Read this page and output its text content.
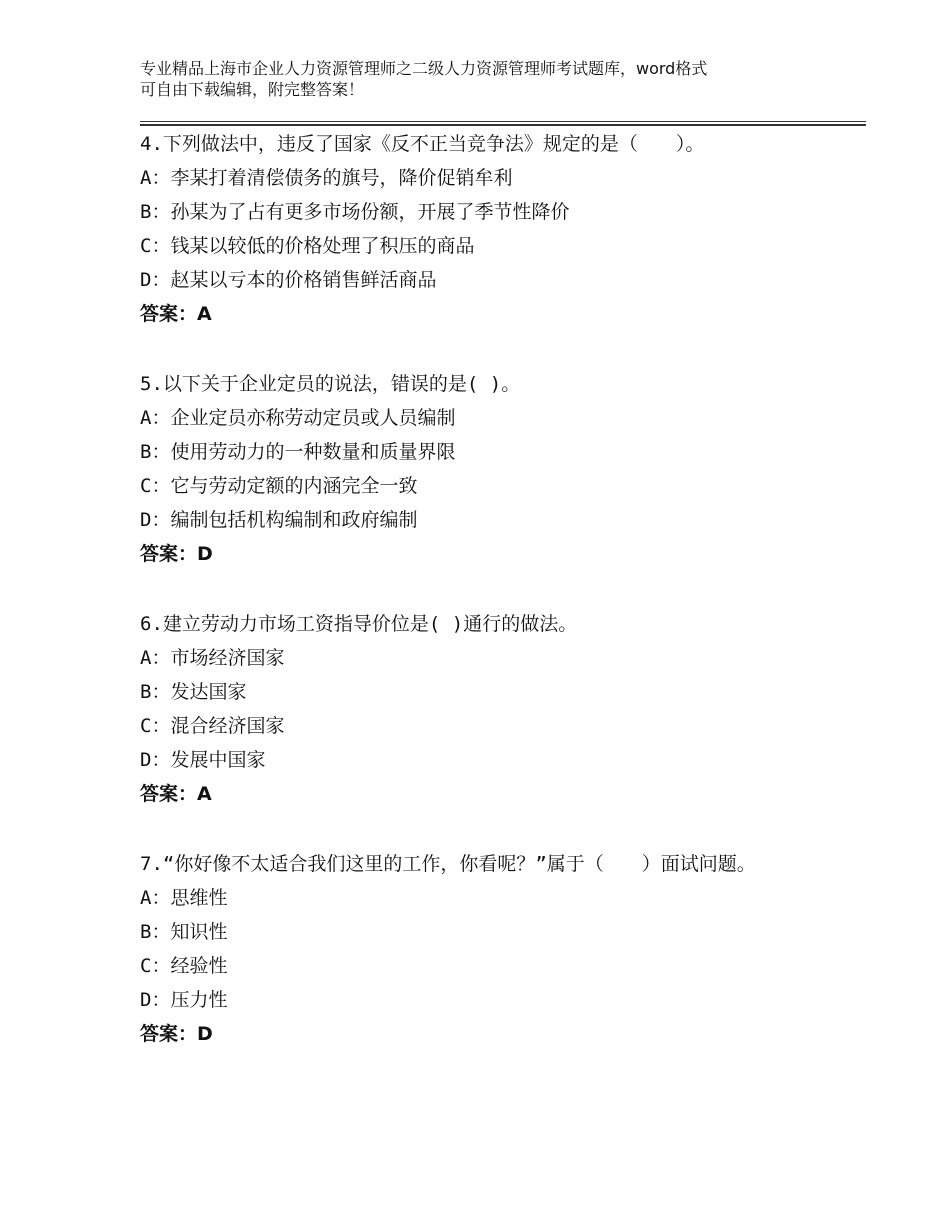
专业精品上海市企业人力资源管理师之二级人力资源管理师考试题库，word格式
可自由下载编辑，附完整答案！

4.下列做法中，违反了国家《反不正当竞争法》规定的是（　　）。

A：李某打着清偿债务的旗号，降价促销牟利

B：孙某为了占有更多市场份额，开展了季节性降价

C：钱某以较低的价格处理了积压的商品

D：赵某以亏本的价格销售鲜活商品

答案：A

5.以下关于企业定员的说法，错误的是( )。

A：企业定员亦称劳动定员或人员编制

B：使用劳动力的一种数量和质量界限

C：它与劳动定额的内涵完全一致

D：编制包括机构编制和政府编制

答案：D

6.建立劳动力市场工资指导价位是( )通行的做法。

A：市场经济国家

B：发达国家

C：混合经济国家

D：发展中国家

答案：A

7.“你好像不太适合我们这里的工作，你看呢？”属于（　　）面试问题。

A：思维性

B：知识性

C：经验性

D：压力性

答案：D
